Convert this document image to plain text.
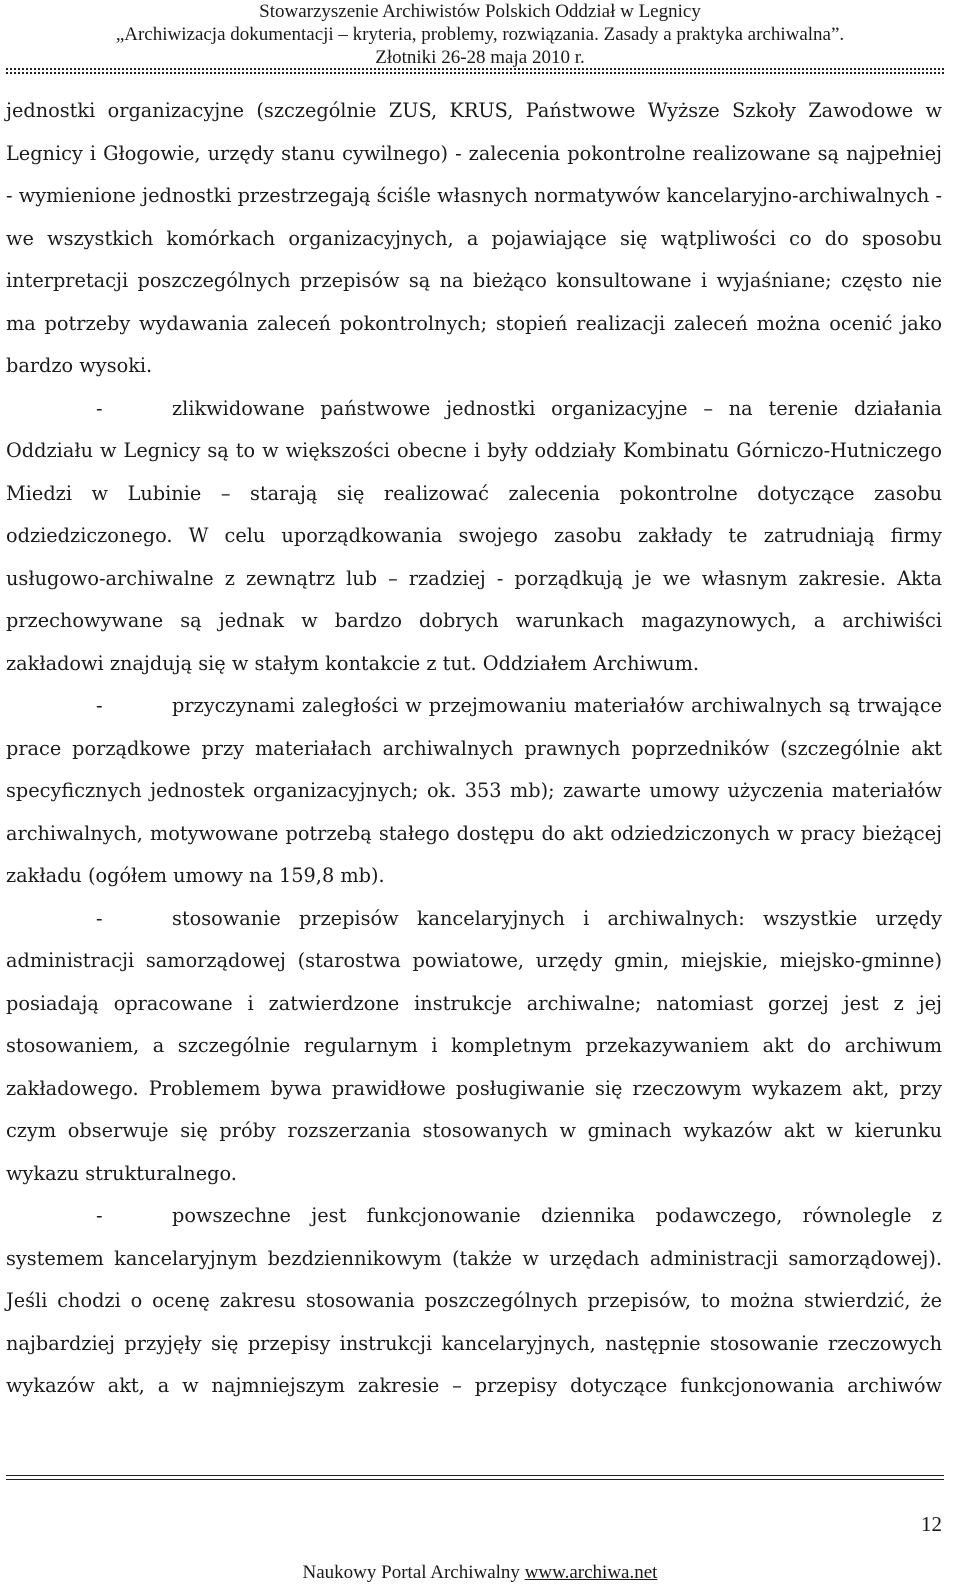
Stowarzyszenie Archiwistów Polskich Oddział w Legnicy
„Archiwizacja dokumentacji – kryteria, problemy, rozwiązania. Zasady a praktyka archiwalna”.
Złotniki 26-28 maja 2010 r.

jednostki organizacyjne (szczególnie ZUS, KRUS, Państwowe Wyższe Szkoły Zawodowe w Legnicy i Głogowie, urzędy stanu cywilnego) - zalecenia pokontrolne realizowane są najpełniej - wymienione jednostki przestrzegają ściśle własnych normatywów kancelaryjno-archiwalnych - we wszystkich komórkach organizacyjnych, a pojawiające się wątpliwości co do sposobu interpretacji poszczególnych przepisów są na bieżąco konsultowane i wyjaśniane; często nie ma potrzeby wydawania zaleceń pokontrolnych; stopień realizacji zaleceń można ocenić jako bardzo wysoki.

-	zlikwidowane państwowe jednostki organizacyjne – na terenie działania Oddziału w Legnicy są to w większości obecne i były oddziały Kombinatu Górniczo-Hutniczego Miedzi w Lubinie – starają się realizować zalecenia pokontrolne dotyczące zasobu odziedziczonego. W celu uporządkowania swojego zasobu zakłady te zatrudniają firmy usługowo-archiwalne z zewnątrz lub – rzadziej - porządkują je we własnym zakresie. Akta przechowywane są jednak w bardzo dobrych warunkach magazynowych, a archiwiści zakładowi znajdują się w stałym kontakcie z tut. Oddziałem Archiwum.

-	przyczynami zaległości w przejmowaniu materiałów archiwalnych są trwające prace porządkowe przy materiałach archiwalnych prawnych poprzedników (szczególnie akt specyficznych jednostek organizacyjnych; ok. 353 mb); zawarte umowy użyczenia materiałów archiwalnych, motywowane potrzebą stałego dostępu do akt odziedziczonych w pracy bieżącej zakładu (ogółem umowy na 159,8 mb).

-	stosowanie przepisów kancelaryjnych i archiwalnych: wszystkie urzędy administracji samorządowej (starostwa powiatowe, urzędy gmin, miejskie, miejsko-gminne) posiadają opracowane i zatwierdzone instrukcje archiwalne; natomiast gorzej jest z jej stosowaniem, a szczególnie regularnym i kompletnym przekazywaniem akt do archiwum zakładowego. Problemem bywa prawidłowe posługiwanie się rzeczowym wykazem akt, przy czym obserwuje się próby rozszerzania stosowanych w gminach wykazów akt w kierunku wykazu strukturalnego.

-	powszechne jest funkcjonowanie dziennika podawczego, równolegle z systemem kancelaryjnym bezdziennikowym (także w urzędach administracji samorządowej). Jeśli chodzi o ocenę zakresu stosowania poszczególnych przepisów, to można stwierdzić, że najbardziej przyjęły się przepisy instrukcji kancelaryjnych, następnie stosowanie rzeczowych wykazów akt, a w najmniejszym zakresie – przepisy dotyczące funkcjonowania archiwów

12
Naukowy Portal Archiwalny www.archiwa.net
